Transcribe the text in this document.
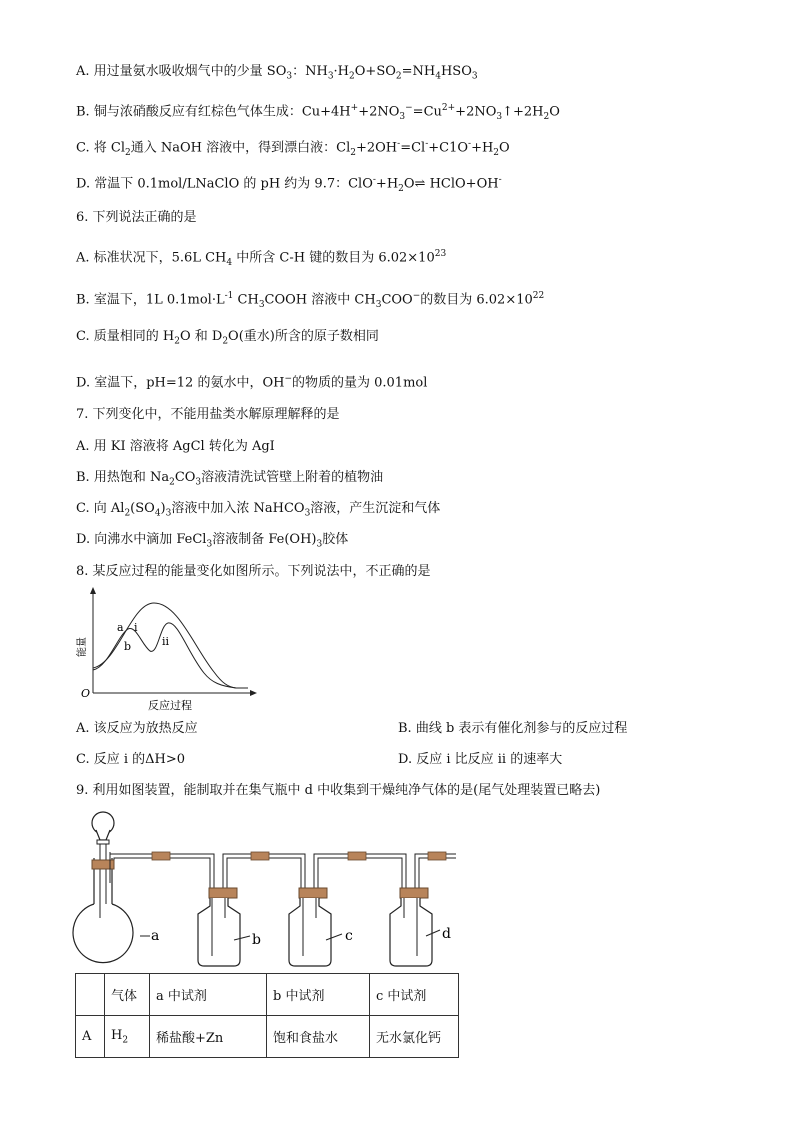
A. 用过量氨水吸收烟气中的少量 $SO_3$：$NH_3\cdot H_2O+SO_2=NH_4HSO_3$
B. 铜与浓硝酸反应有红棕色气体生成：$Cu+4H^++2NO_3^-=Cu^{2+}+2NO_3↑+2H_2O$
C. 将 $Cl_2$通入 NaOH 溶液中，得到漂白液：$Cl_2+2OH^-=Cl^-+C1O^-+H_2O$
D. 常温下 0.1mol/LNaClO 的 pH 约为 9.7：$ClO^-+H_2O\rightleftharpoons$ HClO+OH-
6. 下列说法正确的是
A. 标准状况下，5.6L $CH_4$ 中所含 C-H 键的数目为 $6.02\times 10^{23}$
B. 室温下，1L $0.1mol\cdot L^{-1}$ $CH_3COOH$ 溶液中 $CH_3COO^-$的数目为 $6.02\times 10^{22}$
C. 质量相同的 $H_2O$ 和 $D_2O$(重水)所含的原子数相同
D. 室温下，pH=12 的氨水中，OH−的物质的量为 0.01mol
7. 下列变化中，不能用盐类水解原理解释的是
A. 用 KI 溶液将 AgCl 转化为 AgI
B. 用热饱和 $Na_2CO_3$溶液清洗试管壁上附着的植物油
C. 向 $Al_2(SO_4)_3$溶液中加入浓 NaHCO$_3$溶液，产生沉淀和气体
D. 向沸水中滴加 FeCl$_3$溶液制备 $Fe(OH)_3$胶体
8. 某反应过程的能量变化如图所示。下列说法中，不正确的是
O
能量
反应过程
a
b
i
ii
A. 该反应为放热反应	B. 曲线 b 表示有催化剂参与的反应过程
C. 反应 i 的ΔH>0	D. 反应 i 比反应 ii 的速率大
9. 利用如图装置，能制取并在集气瓶中 d 中收集到干燥纯净气体的是(尾气处理装置已略去)
a	b	c	d
	气体	a 中试剂	b 中试剂	c 中试剂
A	$H_2$	稀盐酸+Zn	饱和食盐水	无水氯化钙
